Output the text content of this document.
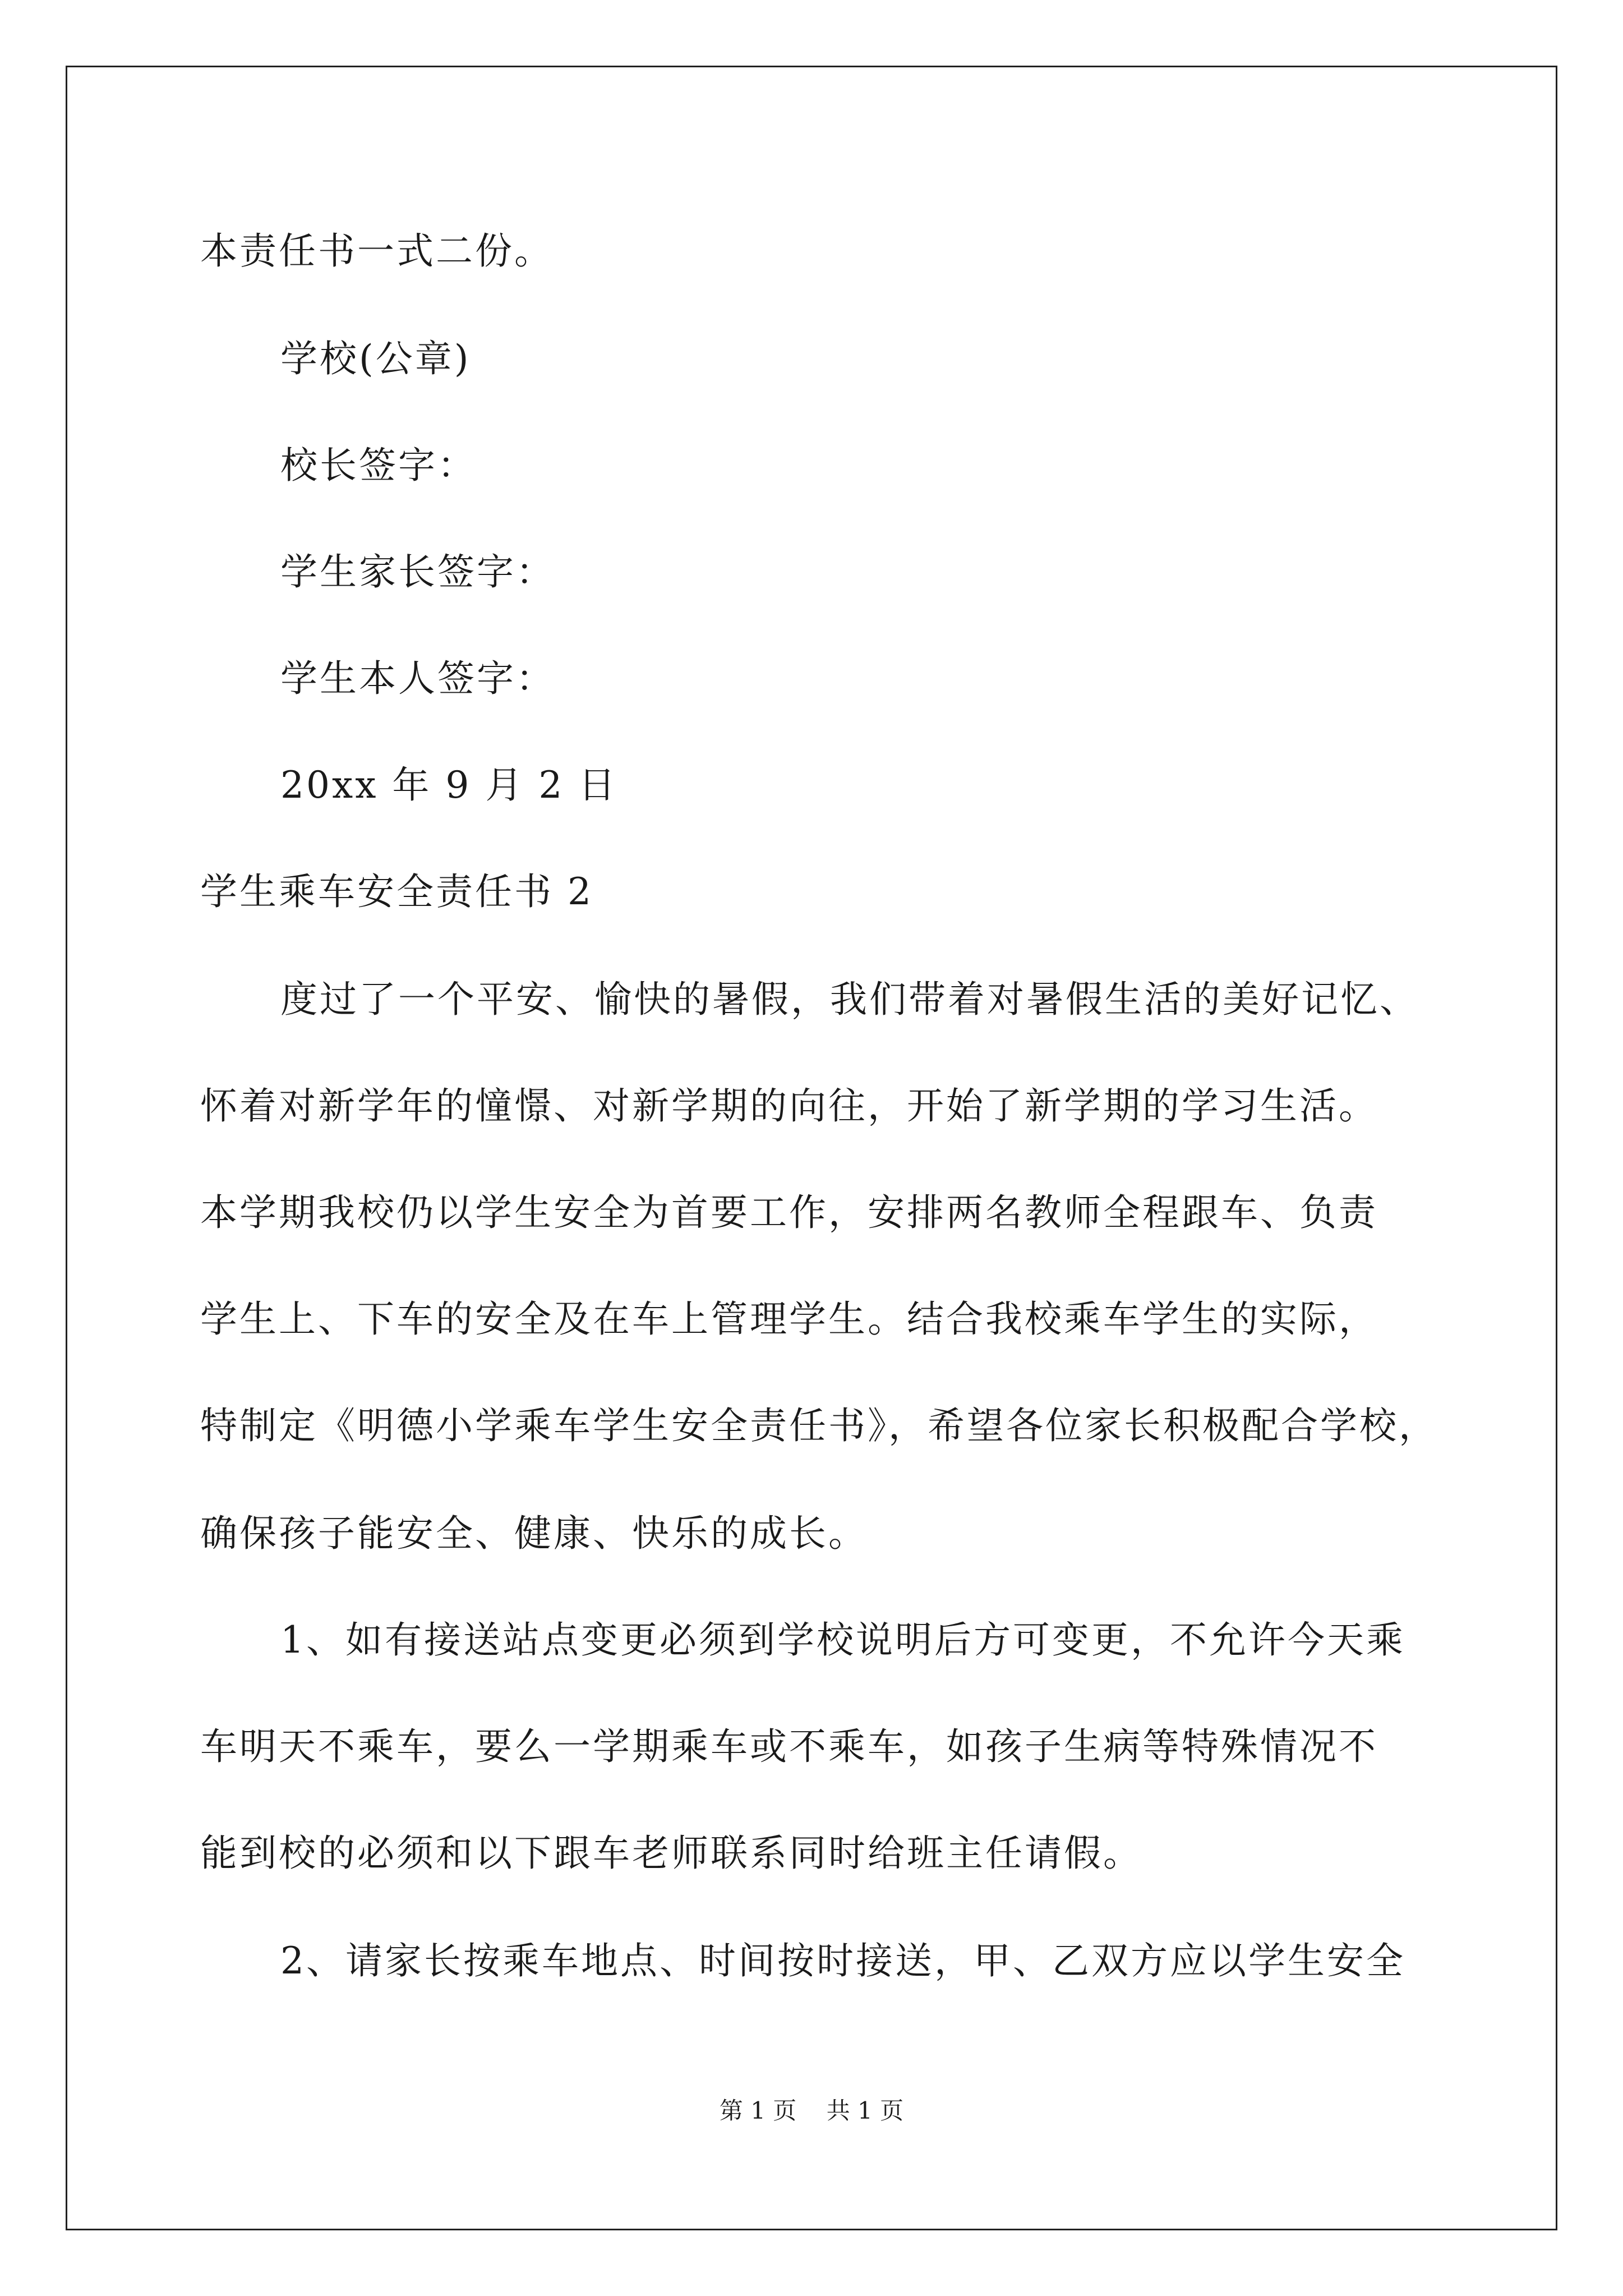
本责任书一式二份。
学校(公章)
校长签字：
学生家长签字：
学生本人签字：
20xx 年 9 月 2 日
学生乘车安全责任书 2
度过了一个平安、愉快的暑假，我们带着对暑假生活的美好记忆、
怀着对新学年的憧憬、对新学期的向往，开始了新学期的学习生活。
本学期我校仍以学生安全为首要工作，安排两名教师全程跟车、负责
学生上、下车的安全及在车上管理学生。结合我校乘车学生的实际，
特制定《明德小学乘车学生安全责任书》，希望各位家长积极配合学校，
确保孩子能安全、健康、快乐的成长。
1、如有接送站点变更必须到学校说明后方可变更，不允许今天乘
车明天不乘车，要么一学期乘车或不乘车，如孩子生病等特殊情况不
能到校的必须和以下跟车老师联系同时给班主任请假。
2、请家长按乘车地点、时间按时接送，甲、乙双方应以学生安全
第 1 页    共 1 页
